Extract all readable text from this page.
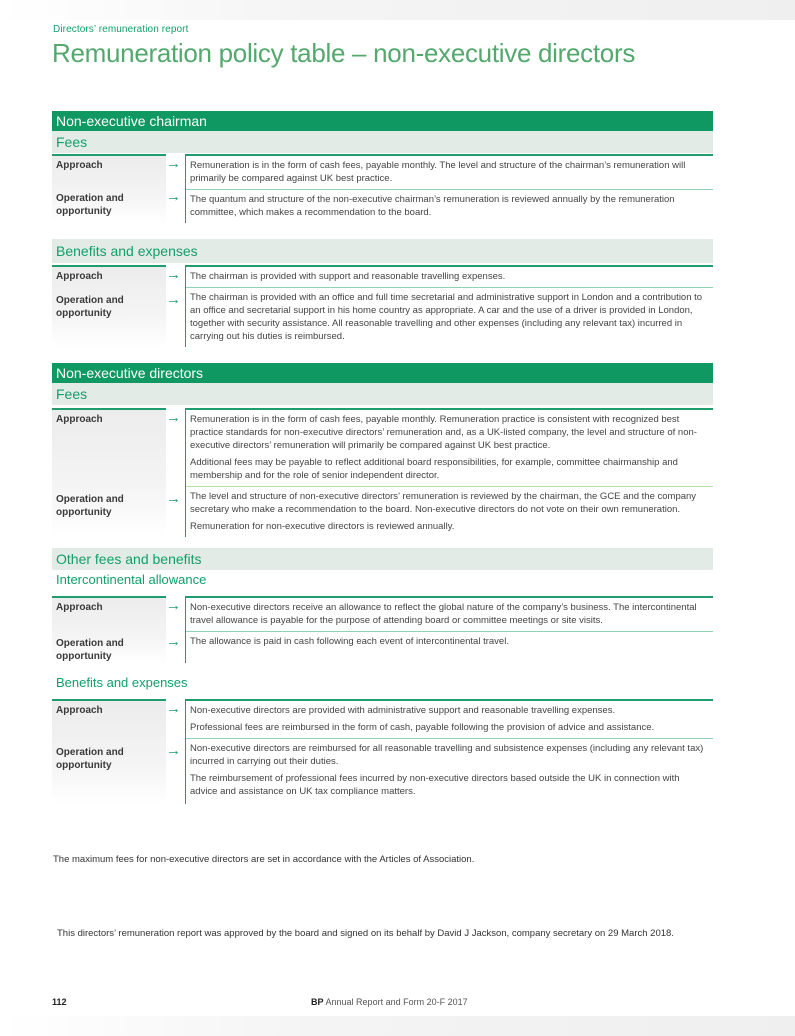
Directors’ remuneration report
Remuneration policy table – non-executive directors
Non-executive chairman
Fees
Approach
Operation and opportunity
→
→

Remuneration is in the form of cash fees, payable monthly. The level and structure of the chairman’s remuneration will primarily be compared against UK best practice.

The quantum and structure of the non-executive chairman’s remuneration is reviewed annually by the remuneration committee, which makes a recommendation to the board.

Benefits and expenses
Approach
Operation and opportunity
→
→

The chairman is provided with support and reasonable travelling expenses.

The chairman is provided with an office and full time secretarial and administrative support in London and a contribution to an office and secretarial support in his home country as appropriate. A car and the use of a driver is provided in London, together with security assistance. All reasonable travelling and other expenses (including any relevant tax) incurred in carrying out his duties is reimbursed.

Non-executive directors
Fees
Approach
Operation and opportunity
→
→

Remuneration is in the form of cash fees, payable monthly. Remuneration practice is consistent with recognized best practice standards for non-executive directors’ remuneration and, as a UK-listed company, the level and structure of non-executive directors’ remuneration will primarily be compared against UK best practice.

Additional fees may be payable to reflect additional board responsibilities, for example, committee chairmanship and membership and for the role of senior independent director.

The level and structure of non-executive directors’ remuneration is reviewed by the chairman, the GCE and the company secretary who make a recommendation to the board. Non-executive directors do not vote on their own remuneration.

Remuneration for non-executive directors is reviewed annually.

Other fees and benefits
Intercontinental allowance
Approach
Operation and opportunity
→
→

Non-executive directors receive an allowance to reflect the global nature of the company’s business. The intercontinental travel allowance is payable for the purpose of attending board or committee meetings or site visits.

The allowance is paid in cash following each event of intercontinental travel.

Benefits and expenses
Approach
Operation and opportunity
→
→

Non-executive directors are provided with administrative support and reasonable travelling expenses.

Professional fees are reimbursed in the form of cash, payable following the provision of advice and assistance.

Non-executive directors are reimbursed for all reasonable travelling and subsistence expenses (including any relevant tax) incurred in carrying out their duties.

The reimbursement of professional fees incurred by non-executive directors based outside the UK in connection with advice and assistance on UK tax compliance matters.

The maximum fees for non-executive directors are set in accordance with the Articles of Association.
This directors’ remuneration report was approved by the board and signed on its behalf by David J Jackson, company secretary on 29 March 2018.
112	BP Annual Report and Form 20-F 2017
